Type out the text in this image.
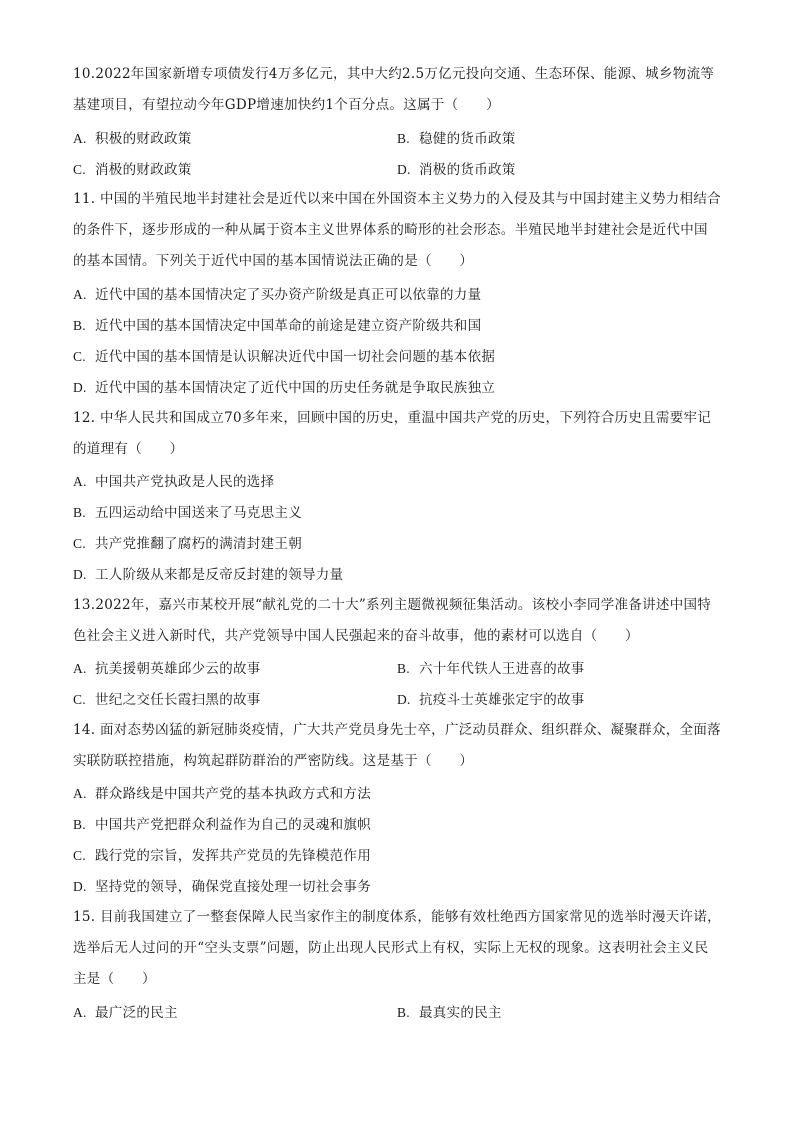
10.2022年国家新增专项债发行4万多亿元，其中大约2.5万亿元投向交通、生态环保、能源、城乡物流等基建项目，有望拉动今年GDP增速加快约1个百分点。这属于（　　）
A. 积极的财政政策	B. 稳健的货币政策
C. 消极的财政政策	D. 消极的货币政策
11. 中国的半殖民地半封建社会是近代以来中国在外国资本主义势力的入侵及其与中国封建主义势力相结合的条件下，逐步形成的一种从属于资本主义世界体系的畸形的社会形态。半殖民地半封建社会是近代中国的基本国情。下列关于近代中国的基本国情说法正确的是（　　）
A. 近代中国的基本国情决定了买办资产阶级是真正可以依靠的力量
B. 近代中国的基本国情决定中国革命的前途是建立资产阶级共和国
C. 近代中国的基本国情是认识解决近代中国一切社会问题的基本依据
D. 近代中国的基本国情决定了近代中国的历史任务就是争取民族独立
12. 中华人民共和国成立70多年来，回顾中国的历史，重温中国共产党的历史，下列符合历史且需要牢记的道理有（　　）
A. 中国共产党执政是人民的选择
B. 五四运动给中国送来了马克思主义
C. 共产党推翻了腐朽的满清封建王朝
D. 工人阶级从来都是反帝反封建的领导力量
13.2022年，嘉兴市某校开展“献礼党的二十大”系列主题微视频征集活动。该校小李同学准备讲述中国特色社会主义进入新时代，共产党领导中国人民强起来的奋斗故事，他的素材可以选自（　　）
A. 抗美援朝英雄邱少云的故事	B. 六十年代铁人王进喜的故事
C. 世纪之交任长霞扫黑的故事	D. 抗疫斗士英雄张定宇的故事
14. 面对态势凶猛的新冠肺炎疫情，广大共产党员身先士卒，广泛动员群众、组织群众、凝聚群众，全面落实联防联控措施，构筑起群防群治的严密防线。这是基于（　　）
A. 群众路线是中国共产党的基本执政方式和方法
B. 中国共产党把群众利益作为自己的灵魂和旗帜
C. 践行党的宗旨，发挥共产党员的先锋模范作用
D. 坚持党的领导，确保党直接处理一切社会事务
15. 目前我国建立了一整套保障人民当家作主的制度体系，能够有效杜绝西方国家常见的选举时漫天许诺，选举后无人过问的开“空头支票”问题，防止出现人民形式上有权，实际上无权的现象。这表明社会主义民主是（　　）
A. 最广泛的民主	B. 最真实的民主
